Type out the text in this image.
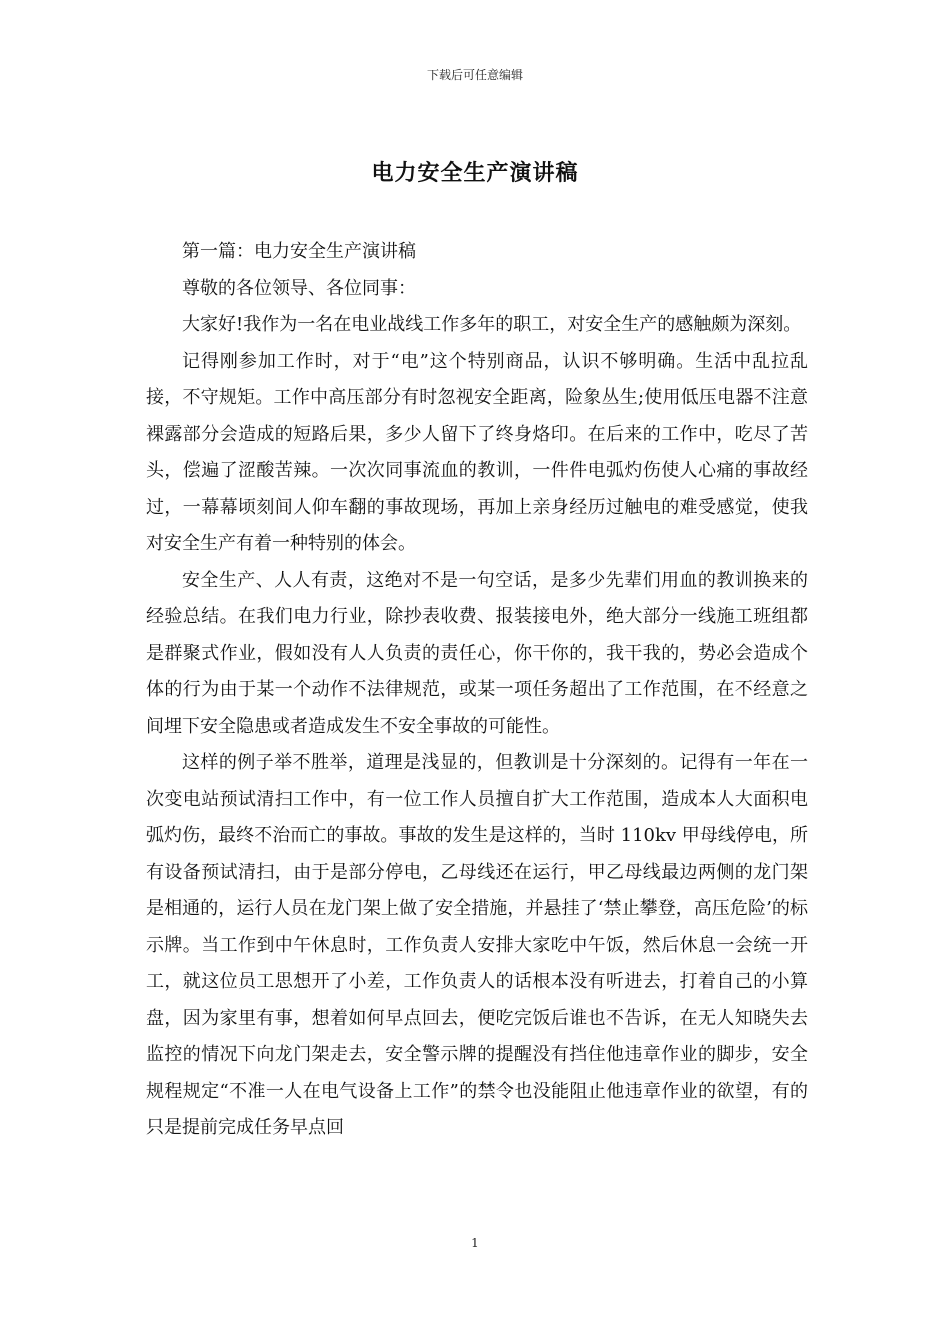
下载后可任意编辑
电力安全生产演讲稿

第一篇：电力安全生产演讲稿

尊敬的各位领导、各位同事：

大家好!我作为一名在电业战线工作多年的职工，对安全生产的感触颇为深刻。

记得刚参加工作时，对于“电”这个特别商品，认识不够明确。生活中乱拉乱接，不守规矩。工作中高压部分有时忽视安全距离，险象丛生;使用低压电器不注意裸露部分会造成的短路后果，多少人留下了终身烙印。在后来的工作中，吃尽了苦头，偿遍了涩酸苦辣。一次次同事流血的教训，一件件电弧灼伤使人心痛的事故经过，一幕幕顷刻间人仰车翻的事故现场，再加上亲身经历过触电的难受感觉，使我对安全生产有着一种特别的体会。

安全生产、人人有责，这绝对不是一句空话，是多少先辈们用血的教训换来的经验总结。在我们电力行业，除抄表收费、报装接电外，绝大部分一线施工班组都是群聚式作业，假如没有人人负责的责任心，你干你的，我干我的，势必会造成个体的行为由于某一个动作不法律规范，或某一项任务超出了工作范围，在不经意之间埋下安全隐患或者造成发生不安全事故的可能性。

这样的例子举不胜举，道理是浅显的，但教训是十分深刻的。记得有一年在一次变电站预试清扫工作中，有一位工作人员擅自扩大工作范围，造成本人大面积电弧灼伤，最终不治而亡的事故。事故的发生是这样的，当时 110kv 甲母线停电，所有设备预试清扫，由于是部分停电，乙母线还在运行，甲乙母线最边两侧的龙门架是相通的，运行人员在龙门架上做了安全措施，并悬挂了‘禁止攀登，高压危险’的标示牌。当工作到中午休息时，工作负责人安排大家吃中午饭，然后休息一会统一开工，就这位员工思想开了小差，工作负责人的话根本没有听进去，打着自己的小算盘，因为家里有事，想着如何早点回去，便吃完饭后谁也不告诉，在无人知晓失去监控的情况下向龙门架走去，安全警示牌的提醒没有挡住他违章作业的脚步，安全规程规定“不准一人在电气设备上工作”的禁令也没能阻止他违章作业的欲望，有的只是提前完成任务早点回

1
